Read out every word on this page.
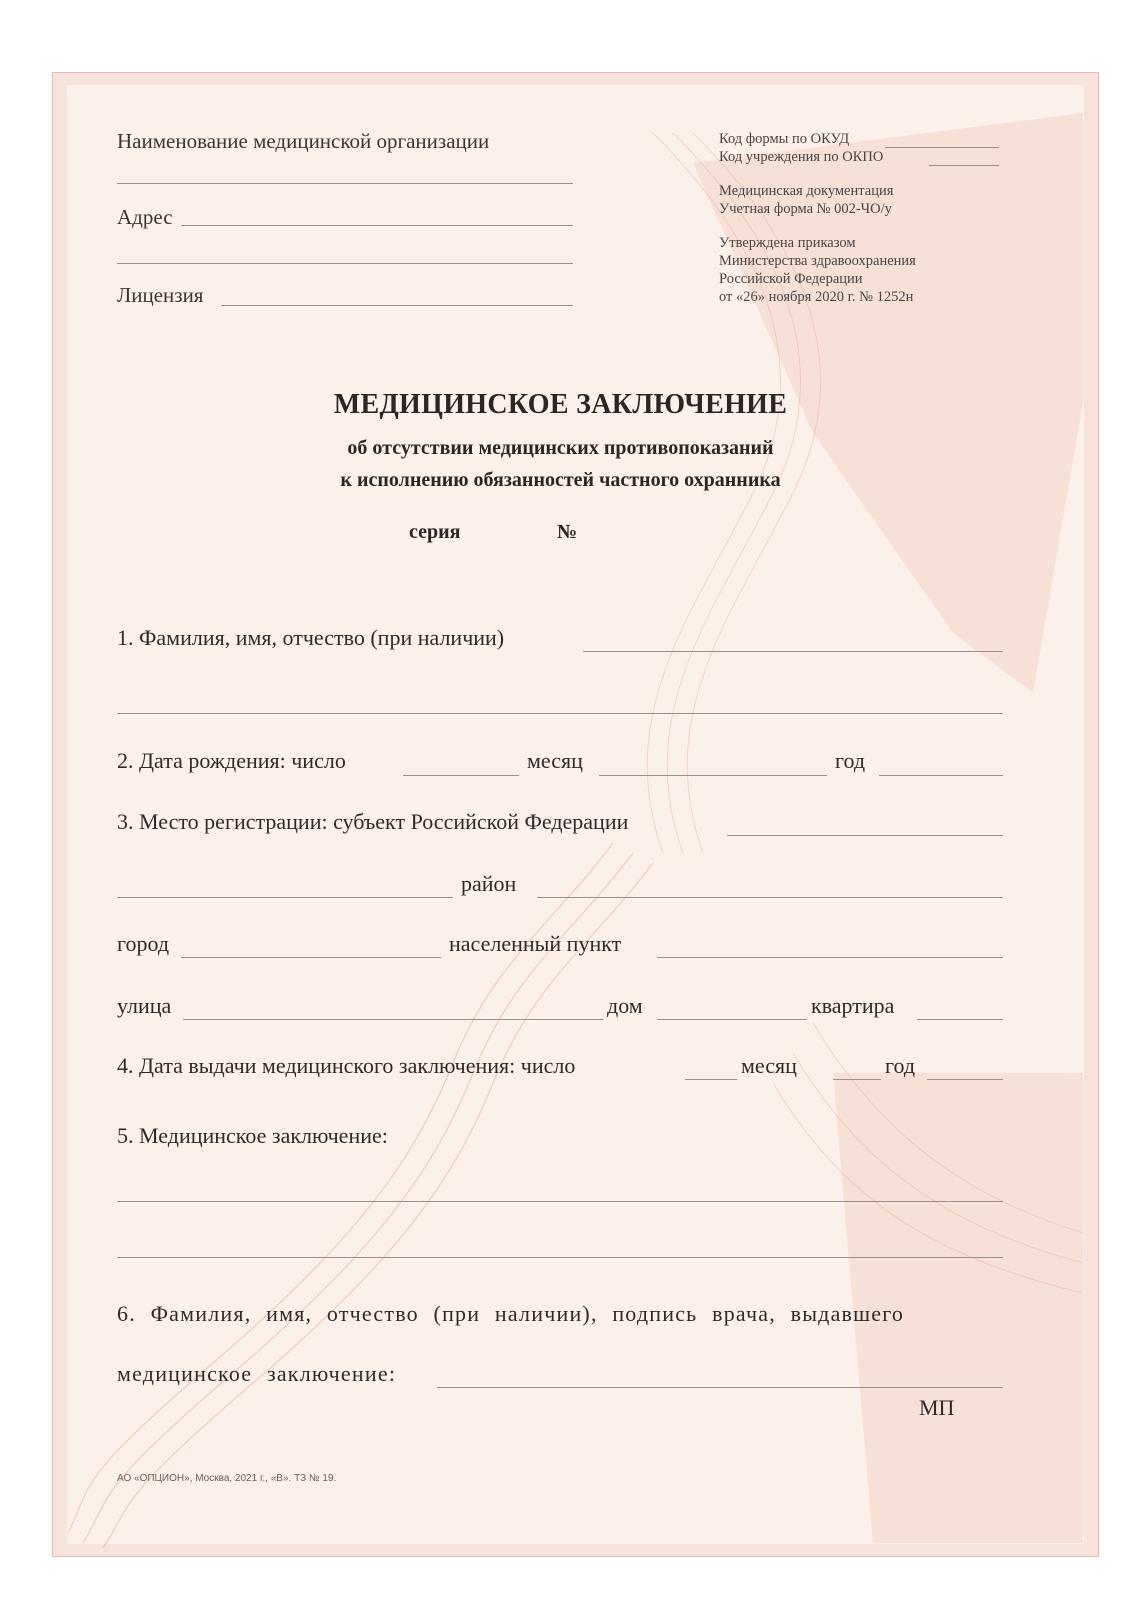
Наименование медицинской организации
Адрес
Лицензия
Код формы по ОКУД
Код учреждения по ОКПО
Медицинская документация
Учетная форма № 002-ЧО/у
Утверждена приказом
Министерства здравоохранения
Российской Федерации
от «26» ноября 2020 г. № 1252н
МЕДИЦИНСКОЕ ЗАКЛЮЧЕНИЕ
об отсутствии медицинских противопоказаний
к исполнению обязанностей частного охранника
серия	№
1. Фамилия, имя, отчество (при наличии)
2. Дата рождения: число	месяц	год
3. Место регистрации: субъект Российской Федерации
район
город	населенный пункт
улица	дом	квартира
4. Дата выдачи медицинского заключения: число	месяц	год
5. Медицинское заключение:
6. Фамилия, имя, отчество (при наличии), подпись врача, выдавшего
медицинское заключение:
МП
АО «ОПЦИОН», Москва, 2021 г., «В». ТЗ № 19.
